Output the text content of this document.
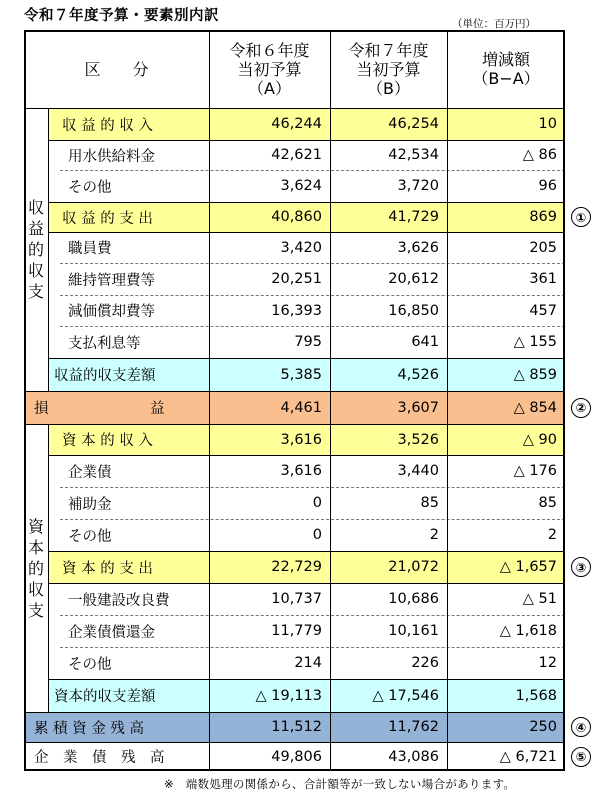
令和７年度予算・要素別内訳	（単位：百万円）
区　　分
令和６年度
当初予算
（A）
令和７年度
当初予算
（B）
増減額
（B−A）
収
益
的
収
支
資
本
的
収
支
収 益 的 収 入	46,244	46,254	10
用水供給料金	42,621	42,534	△ 86
その他	3,624	3,720	96
収 益 的 支 出	40,860	41,729	869	①
職員費	3,420	3,626	205
維持管理費等	20,251	20,612	361
減価償却費等	16,393	16,850	457
支払利息等	795	641	△ 155
収益的収支差額	5,385	4,526	△ 859
損　　　　　　　益	4,461	3,607	△ 854	②
資 本 的 収 入	3,616	3,526	△ 90
企業債	3,616	3,440	△ 176
補助金	0	85	85
その他	0	2	2
資 本 的 支 出	22,729	21,072	△ 1,657	③
一般建設改良費	10,737	10,686	△ 51
企業債償還金	11,779	10,161	△ 1,618
その他	214	226	12
資本的収支差額	△ 19,113	△ 17,546	1,568
累 積 資 金 残 高	11,512	11,762	250	④
企　業　債　残　高	49,806	43,086	△ 6,721	⑤
※　端数処理の関係から、合計額等が一致しない場合があります。
